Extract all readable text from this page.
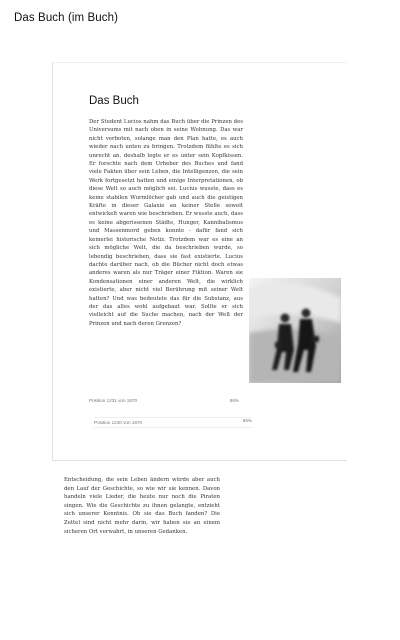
Das Buch (im Buch)
Das Buch

Der Student Lucios nahm das Buch über die Prinzen des Universums mit nach oben in seine Wohnung. Das war nicht verboten, solange man den Plan hatte, es auch wieder nach unten zu bringen. Trotzdem fühlte es sich unrecht an, deshalb legte er es unter sein Kopfkissen. Er forschte nach dem Urheber des Buches und fand viele Fakten über sein Leben, die Intelligenzen, die sein Werk fortgesetzt hatten und einige Interpretationen, ob diese Welt so auch möglich sei. Lucius wusste, dass es keine stabilen Wurmlöcher gab und auch die geistigen Kräfte in dieser Galaxie an keiner Stelle soweit entwickelt waren wie beschrieben. Er wusste auch, dass es keine abgerissenen Städte, Hunger, Kannibalismus und Massenmord geben konnte - dafür fand sich keinerlei historische Notiz. Trotzdem war es eine an sich mögliche Welt, die da beschrieben wurde, so lebendig beschrieben, dass sie fast existierte. Lucius dachte darüber nach, ob die Bücher nicht doch etwas anderes waren als nur Träger einer Fiktion. Waren sie Kondensationen einer anderen Welt, die wirklich existierte, aber nicht viel Berührung mit seiner Welt hatten? Und was bedeutete das für die Substanz, aus der das alles wohl aufgebaut war. Sollte er sich vielleicht auf die Suche machen, nach der Welt der Prinzen und nach deren Grenzen?

Position 1231 von 1870	66%
Position 1240 von 1870	66%

Entscheidung, die sein Leben ändern würde aber auch den Lauf der Geschichte, so wie wir sie kennen. Davon handeln viele Lieder, die heute nur noch die Piraten singen. Wie die Geschichte zu ihnen gelangte, entzieht sich unserer Kenntnis. Ob sie das Buch fanden? Die Zettel sind nicht mehr darin, wir haben sie an einem sicheren Ort verwahrt, in unseren Gedanken.
